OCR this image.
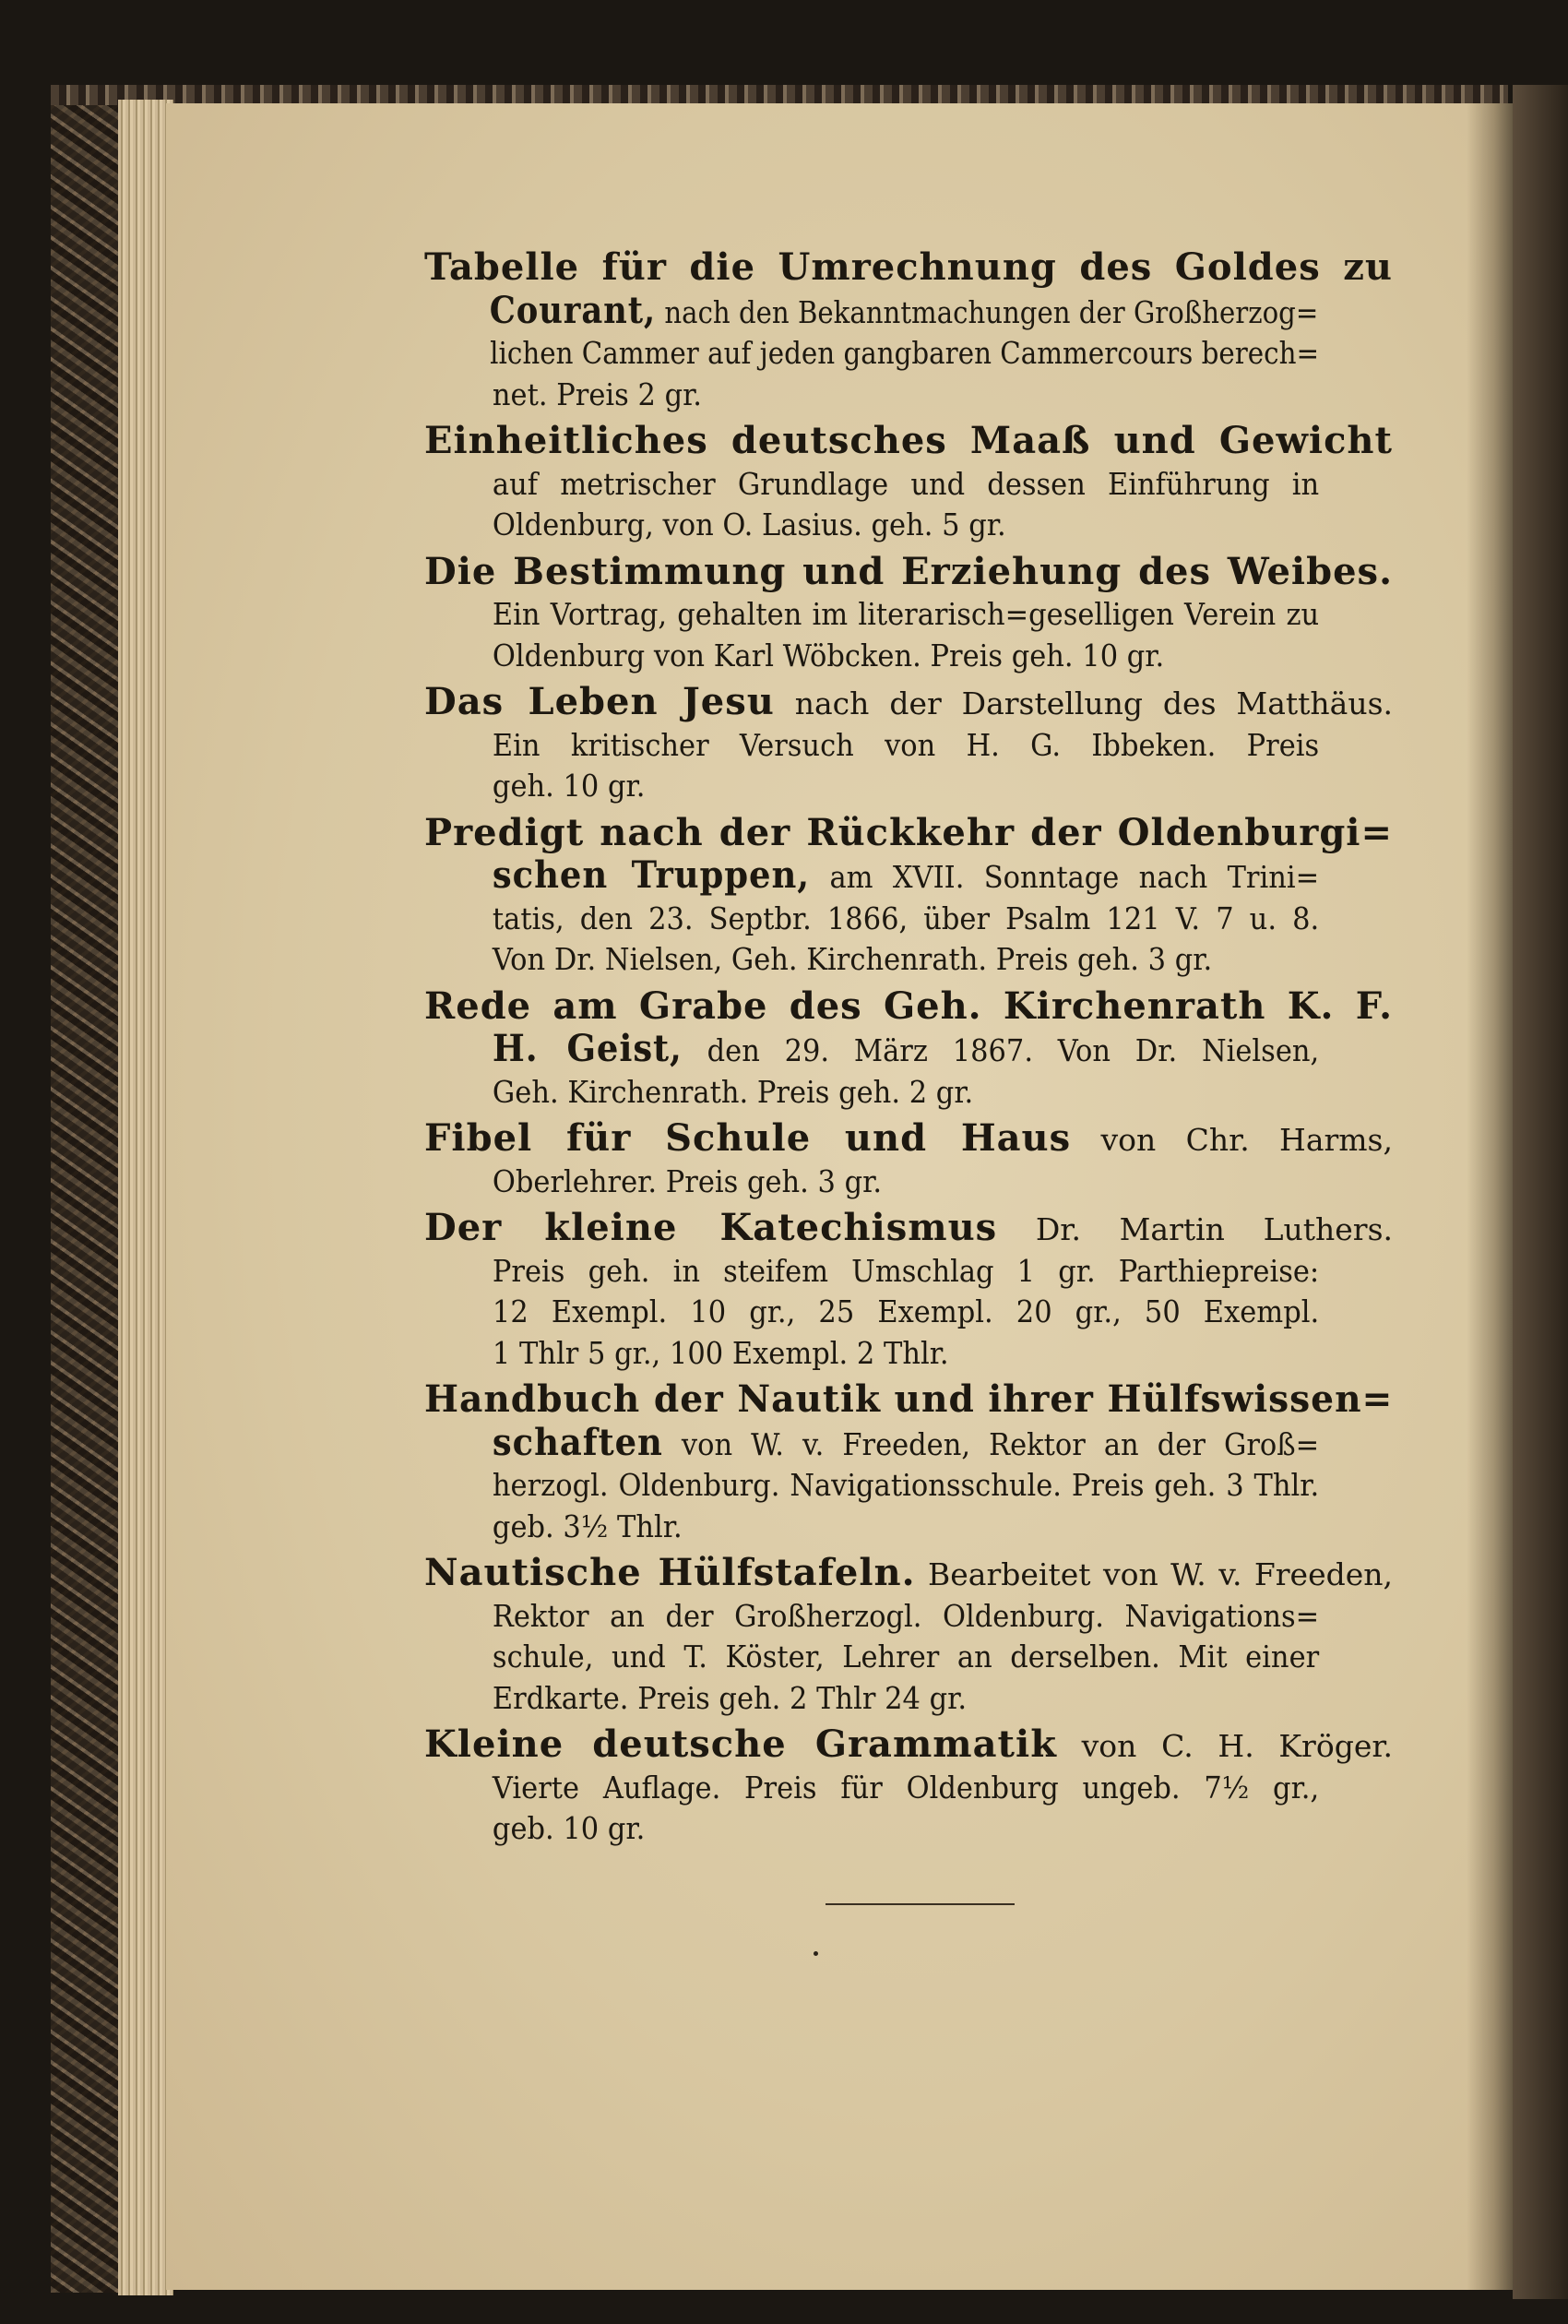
Tabelle für die Umrechnung des Goldes zu
Courant, nach den Bekanntmachungen der Großherzog=
lichen Cammer auf jeden gangbaren Cammercours berech=
net. Preis 2 gr.
Einheitliches deutsches Maaß und Gewicht
auf metrischer Grundlage und dessen Einführung in
Oldenburg, von O. Lasius. geh. 5 gr.
Die Bestimmung und Erziehung des Weibes.
Ein Vortrag, gehalten im literarisch=geselligen Verein zu
Oldenburg von Karl Wöbcken. Preis geh. 10 gr.
Das Leben Jesu nach der Darstellung des Matthäus.
Ein kritischer Versuch von H. G. Ibbeken. Preis
geh. 10 gr.
Predigt nach der Rückkehr der Oldenburgi=
schen Truppen, am XVII. Sonntage nach Trini=
tatis, den 23. Septbr. 1866, über Psalm 121 V. 7 u. 8.
Von Dr. Nielsen, Geh. Kirchenrath. Preis geh. 3 gr.
Rede am Grabe des Geh. Kirchenrath K. F.
H. Geist, den 29. März 1867. Von Dr. Nielsen,
Geh. Kirchenrath. Preis geh. 2 gr.
Fibel für Schule und Haus von Chr. Harms,
Oberlehrer. Preis geh. 3 gr.
Der kleine Katechismus Dr. Martin Luthers.
Preis geh. in steifem Umschlag 1 gr. Parthiepreise:
12 Exempl. 10 gr., 25 Exempl. 20 gr., 50 Exempl.
1 Thlr 5 gr., 100 Exempl. 2 Thlr.
Handbuch der Nautik und ihrer Hülfswissen=
schaften von W. v. Freeden, Rektor an der Groß=
herzogl. Oldenburg. Navigationsschule. Preis geh. 3 Thlr.
geb. 3½ Thlr.
Nautische Hülfstafeln. Bearbeitet von W. v. Freeden,
Rektor an der Großherzogl. Oldenburg. Navigations=
schule, und T. Köster, Lehrer an derselben. Mit einer
Erdkarte. Preis geh. 2 Thlr 24 gr.
Kleine deutsche Grammatik von C. H. Kröger.
Vierte Auflage. Preis für Oldenburg ungeb. 7½ gr.,
geb. 10 gr.
